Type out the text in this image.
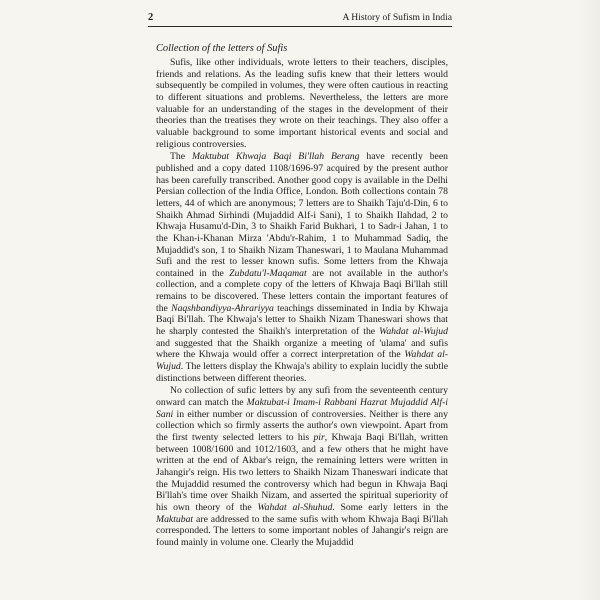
2	A History of Sufism in India
Collection of the letters of Sufis

Sufis, like other individuals, wrote letters to their teachers, disciples, friends and relations. As the leading sufis knew that their letters would subsequently be compiled in volumes, they were often cautious in reacting to different situations and problems. Nevertheless, the letters are more valuable for an understanding of the stages in the development of their theories than the treatises they wrote on their teachings. They also offer a valuable background to some important historical events and social and religious controversies.

The Maktubat Khwaja Baqi Bi'llah Berang have recently been published and a copy dated 1108/1696-97 acquired by the present author has been carefully transcribed. Another good copy is available in the Delhi Persian collection of the India Office, London. Both collections contain 78 letters, 44 of which are anonymous; 7 letters are to Shaikh Taju'd-Din, 6 to Shaikh Ahmad Sirhindi (Mujaddid Alf-i Sani), 1 to Shaikh Ilahdad, 2 to Khwaja Husamu'd-Din, 3 to Shaikh Farid Bukhari, 1 to Sadr-i Jahan, 1 to the Khan-i-Khanan Mirza 'Abdu'r-Rahim, 1 to Muhammad Sadiq, the Mujaddid's son, 1 to Shaikh Nizam Thaneswari, 1 to Maulana Muhammad Sufi and the rest to lesser known sufis. Some letters from the Khwaja contained in the Zubdatu'l-Maqamat are not available in the author's collection, and a complete copy of the letters of Khwaja Baqi Bi'llah still remains to be discovered. These letters contain the important features of the Naqshbandiyya-Ahrariyya teachings disseminated in India by Khwaja Baqi Bi'llah. The Khwaja's letter to Shaikh Nizam Thaneswari shows that he sharply contested the Shaikh's interpretation of the Wahdat al-Wujud and suggested that the Shaikh organize a meeting of 'ulama' and sufis where the Khwaja would offer a correct interpretation of the Wahdat al-Wujud. The letters display the Khwaja's ability to explain lucidly the subtle distinctions between different theories.

No collection of sufic letters by any sufi from the seventeenth century onward can match the Maktubat-i Imam-i Rabbani Hazrat Mujaddid Alf-i Sani in either number or discussion of controversies. Neither is there any collection which so firmly asserts the author's own viewpoint. Apart from the first twenty selected letters to his pir, Khwaja Baqi Bi'llah, written between 1008/1600 and 1012/1603, and a few others that he might have written at the end of Akbar's reign, the remaining letters were written in Jahangir's reign. His two letters to Shaikh Nizam Thaneswari indicate that the Mujaddid resumed the controversy which had begun in Khwaja Baqi Bi'llah's time over Shaikh Nizam, and asserted the spiritual superiority of his own theory of the Wahdat al-Shuhud. Some early letters in the Maktubat are addressed to the same sufis with whom Khwaja Baqi Bi'llah corresponded. The letters to some important nobles of Jahangir's reign are found mainly in volume one. Clearly the Mujaddid
